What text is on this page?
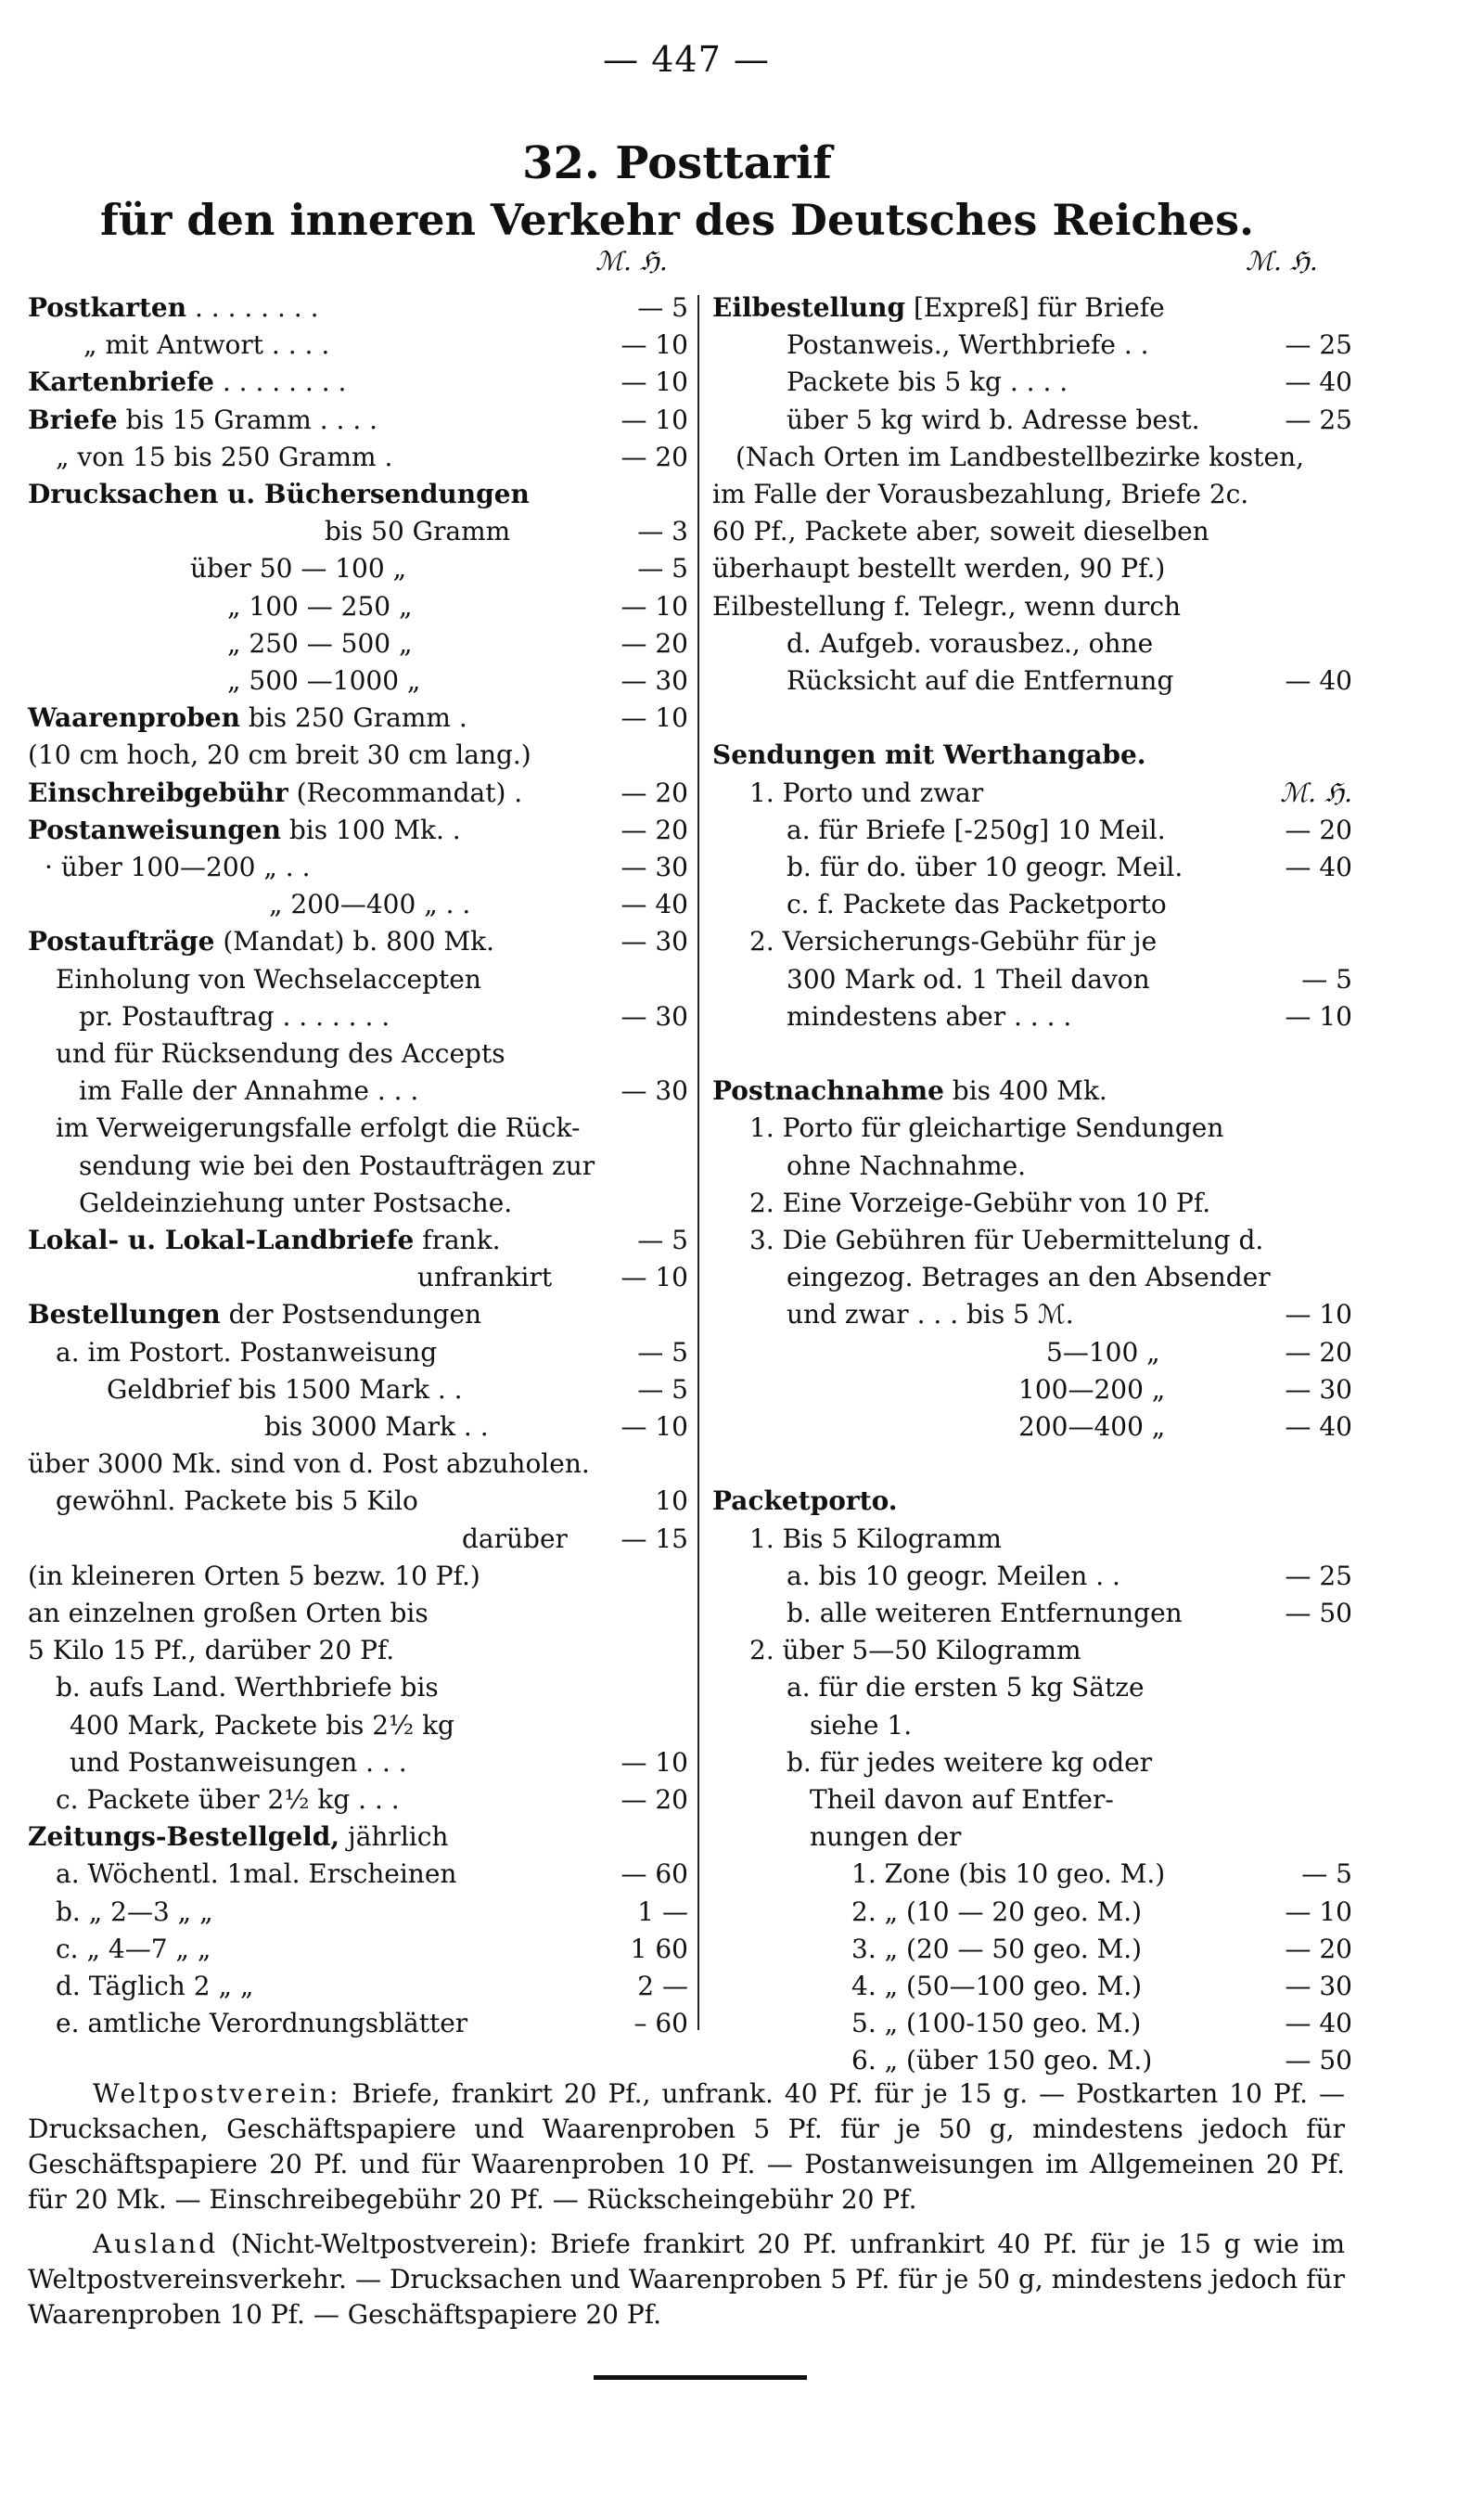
— 447 —
32. Posttarif
für den inneren Verkehr des Deutsches Reiches.
ℳ. ℌ.
Postkarten . . . . . . . .	— 5
„ mit Antwort . . . .	— 10
Kartenbriefe . . . . . . . .	— 10
Briefe bis 15 Gramm . . . .	— 10
„ von 15 bis 250 Gramm .	— 20
Drucksachen u. Büchersendungen
bis 50 Gramm	— 3
über 50 — 100 „	— 5
„ 100 — 250 „	— 10
„ 250 — 500 „	— 20
„ 500 —1000 „	— 30
Waarenproben bis 250 Gramm .	— 10
(10 cm hoch, 20 cm breit 30 cm lang.)
Einschreibgebühr (Recommandat) .	— 20
Postanweisungen bis 100 Mk. .	— 20
· über 100—200 „ . .	— 30
„ 200—400 „ . .	— 40
Postaufträge (Mandat) b. 800 Mk.	— 30
Einholung von Wechselaccepten
pr. Postauftrag . . . . . . .	— 30
und für Rücksendung des Accepts
im Falle der Annahme . . .	— 30
im Verweigerungsfalle erfolgt die Rück-
sendung wie bei den Postaufträgen zur
Geldeinziehung unter Postsache.
Lokal- u. Lokal-Landbriefe frank.	— 5
unfrankirt	— 10
Bestellungen der Postsendungen
a. im Postort. Postanweisung	— 5
Geldbrief bis 1500 Mark . .	— 5
bis 3000 Mark . .	— 10
über 3000 Mk. sind von d. Post abzuholen.
gewöhnl. Packete bis 5 Kilo	10
darüber — 15
(in kleineren Orten 5 bezw. 10 Pf.)
an einzelnen großen Orten bis
5 Kilo 15 Pf., darüber 20 Pf.
b. aufs Land. Werthbriefe bis
400 Mark, Packete bis 2½ kg
und Postanweisungen . . .	— 10
c. Packete über 2½ kg . . .	— 20
Zeitungs-Bestellgeld, jährlich
a. Wöchentl. 1mal. Erscheinen	— 60
b. „ 2—3 „ „	1 —
c. „ 4—7 „ „	1 60
d. Täglich 2 „ „	2 —
e. amtliche Verordnungsblätter	– 60
ℳ. ℌ.
Eilbestellung [Expreß] für Briefe
Postanweis., Werthbriefe . .	— 25
Packete bis 5 kg . . . .	— 40
über 5 kg wird b. Adresse best.	— 25
(Nach Orten im Landbestellbezirke kosten,
im Falle der Vorausbezahlung, Briefe 2c.
60 Pf., Packete aber, soweit dieselben
überhaupt bestellt werden, 90 Pf.)
Eilbestellung f. Telegr., wenn durch
d. Aufgeb. vorausbez., ohne
Rücksicht auf die Entfernung	— 40
Sendungen mit Werthangabe.
1. Porto und zwar	ℳ. ℌ.
a. für Briefe [-250g] 10 Meil.	— 20
b. für do. über 10 geogr. Meil.	— 40
c. f. Packete das Packetporto
2. Versicherungs-Gebühr für je
300 Mark od. 1 Theil davon	— 5
mindestens aber . . . .	— 10
Postnachnahme bis 400 Mk.
1. Porto für gleichartige Sendungen
ohne Nachnahme.
2. Eine Vorzeige-Gebühr von 10 Pf.
3. Die Gebühren für Uebermittelung d.
eingezog. Betrages an den Absender
und zwar . . . bis 5 ℳ.	— 10
5—100 „	— 20
100—200 „	— 30
200—400 „	— 40
Packetporto.
1. Bis 5 Kilogramm
a. bis 10 geogr. Meilen . .	— 25
b. alle weiteren Entfernungen	— 50
2. über 5—50 Kilogramm
a. für die ersten 5 kg Sätze
siehe 1.
b. für jedes weitere kg oder
Theil davon auf Entfer-
nungen der
1. Zone (bis 10 geo. M.)	— 5
2. „ (10 — 20 geo. M.)	— 10
3. „ (20 — 50 geo. M.)	— 20
4. „ (50—100 geo. M.)	— 30
5. „ (100-150 geo. M.)	— 40
6. „ (über 150 geo. M.)	— 50
Weltpostverein: Briefe, frankirt 20 Pf., unfrank. 40 Pf. für je 15 g. — Postkarten 10 Pf. — Drucksachen, Geschäftspapiere und Waarenproben 5 Pf. für je 50 g, mindestens jedoch für Geschäftspapiere 20 Pf. und für Waarenproben 10 Pf. — Postanweisungen im Allgemeinen 20 Pf. für 20 Mk. — Einschreibegebühr 20 Pf. — Rückscheingebühr 20 Pf.
Ausland (Nicht-Weltpostverein): Briefe frankirt 20 Pf. unfrankirt 40 Pf. für je 15 g wie im Weltpostvereinsverkehr. — Drucksachen und Waarenproben 5 Pf. für je 50 g, mindestens jedoch für Waarenproben 10 Pf. — Geschäftspapiere 20 Pf.
